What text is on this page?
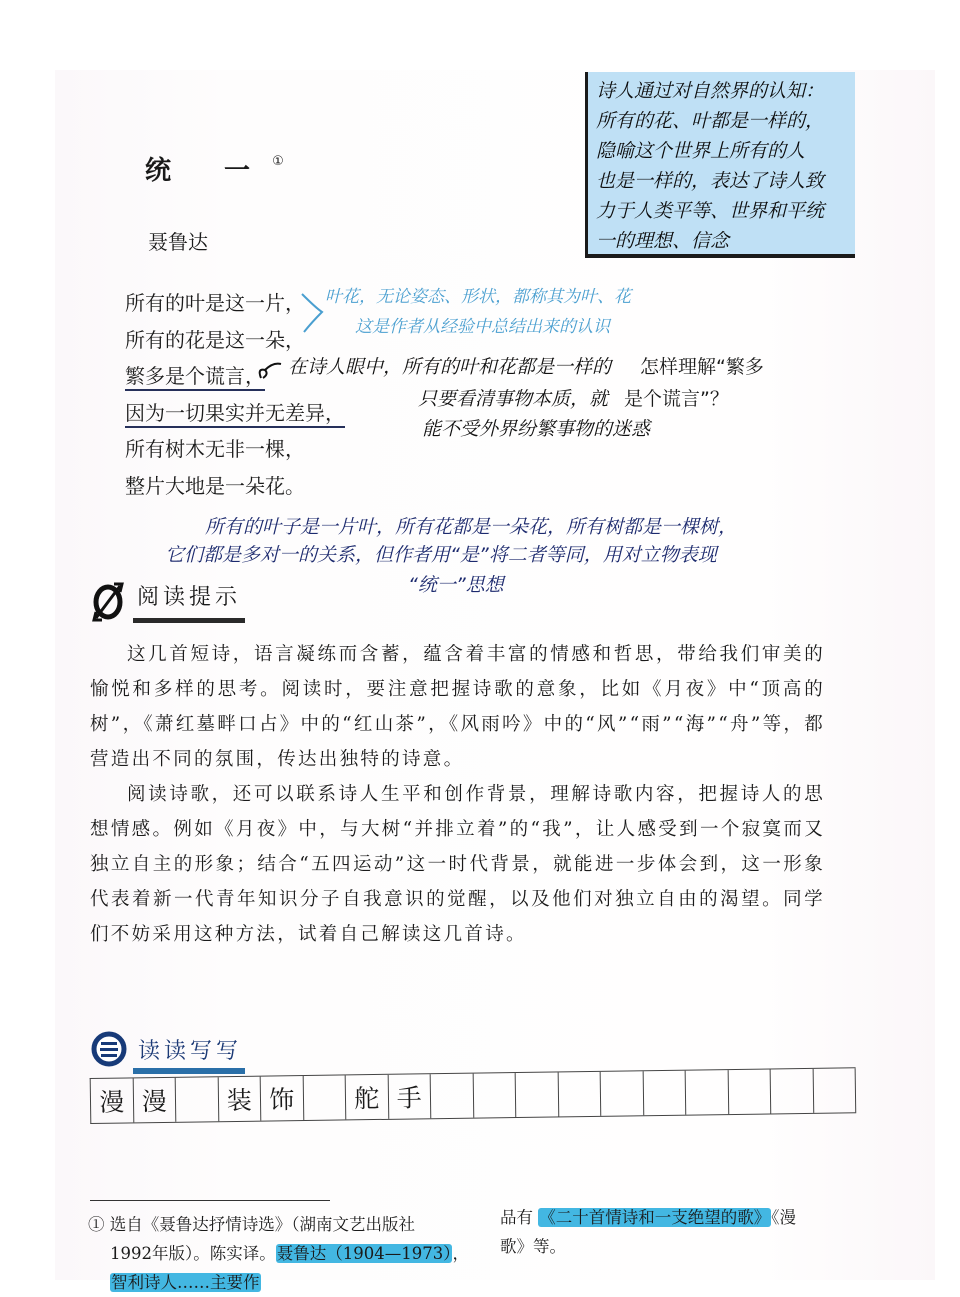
统 一①
聂鲁达
诗人通过对自然界的认知：
所有的花、叶都是一样的，
隐喻这个世界上所有的人
也是一样的，表达了诗人致
力于人类平等、世界和平统
一的理想、信念
所有的叶是这一片，
所有的花是这一朵，
繁多是个谎言，
因为一切果实并无差异，
所有树木无非一棵，
整片大地是一朵花。
叶花，无论姿态、形状，都称其为叶、花
这是作者从经验中总结出来的认识
在诗人眼中，所有的叶和花都是一样的
只要看清事物本质，就
能不受外界纷繁事物的迷惑
怎样理解“繁多
是个谎言”？
所有的叶子是一片叶，所有花都是一朵花，所有树都是一棵树，
它们都是多对一的关系，但作者用“是”将二者等同，用对立物表现
“统一”思想
阅读提示

这几首短诗，语言凝练而含蓄，蕴含着丰富的情感和哲思，带给我们审美的愉悦和多样的思考。阅读时，要注意把握诗歌的意象，比如《月夜》中“顶高的树”，《萧红墓畔口占》中的“红山茶”，《风雨吟》中的“风”“雨”“海”“舟”等，都营造出不同的氛围，传达出独特的诗意。

阅读诗歌，还可以联系诗人生平和创作背景，理解诗歌内容，把握诗人的思想情感。例如《月夜》中，与大树“并排立着”的“我”，让人感受到一个寂寞而又独立自主的形象；结合“五四运动”这一时代背景，就能进一步体会到，这一形象代表着新一代青年知识分子自我意识的觉醒，以及他们对独立自由的渴望。同学们不妨采用这种方法，试着自己解读这几首诗。

读读写写
漫 漫	装 饰	舵 手
① 选自《聂鲁达抒情诗选》（湖南文艺出版社
1992年版）。陈实译。聂鲁达（1904—1973），
智利诗人……主要作
品有 《二十首情诗和一支绝望的歌》《漫
歌》等。
